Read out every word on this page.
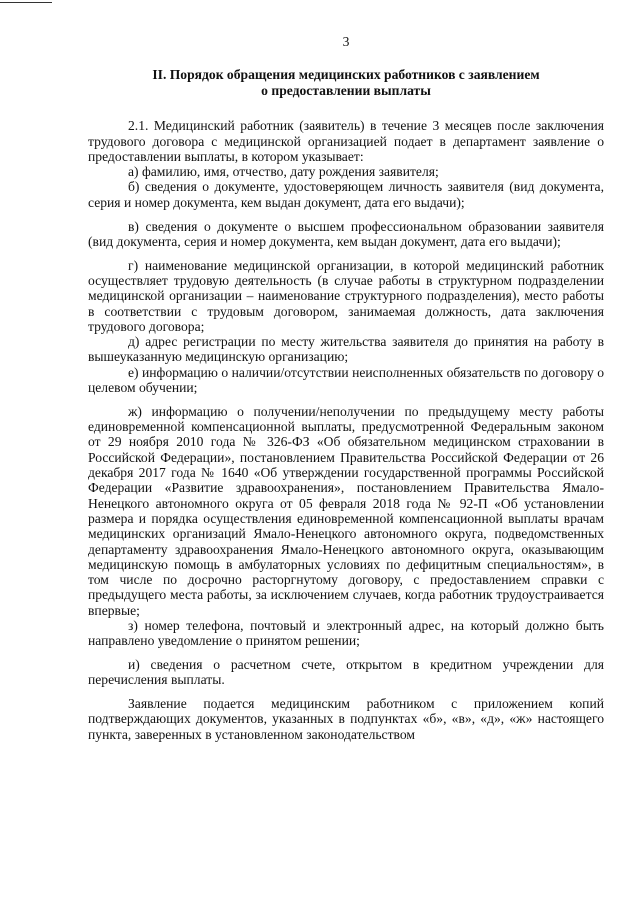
3
II. Порядок обращения медицинских работников с заявлением
о предоставлении выплаты

2.1. Медицинский работник (заявитель) в течение 3 месяцев после заключения трудового договора с медицинской организацией подает в департамент заявление о предоставлении выплаты, в котором указывает:

а) фамилию, имя, отчество, дату рождения заявителя;

б) сведения о документе, удостоверяющем личность заявителя (вид документа, серия и номер документа, кем выдан документ, дата его выдачи);

в) сведения о документе о высшем профессиональном образовании заявителя (вид документа, серия и номер документа, кем выдан документ, дата его выдачи);

г) наименование медицинской организации, в которой медицинский работник осуществляет трудовую деятельность (в случае работы в структурном подразделении медицинской организации – наименование структурного подразделения), место работы в соответствии с трудовым договором, занимаемая должность, дата заключения трудового договора;

д) адрес регистрации по месту жительства заявителя до принятия на работу в вышеуказанную медицинскую организацию;

е) информацию о наличии/отсутствии неисполненных обязательств по договору о целевом обучении;

ж) информацию о получении/неполучении по предыдущему месту работы единовременной компенсационной выплаты, предусмотренной Федеральным законом от 29 ноября 2010 года № 326-ФЗ «Об обязательном медицинском страховании в Российской Федерации», постановлением Правительства Российской Федерации от 26 декабря 2017 года № 1640 «Об утверждении государственной программы Российской Федерации «Развитие здравоохранения», постановлением Правительства Ямало-Ненецкого автономного округа от 05 февраля 2018 года № 92-П «Об установлении размера и порядка осуществления единовременной компенсационной выплаты врачам медицинских организаций Ямало-Ненецкого автономного округа, подведомственных департаменту здравоохранения Ямало-Ненецкого автономного округа, оказывающим медицинскую помощь в амбулаторных условиях по дефицитным специальностям», в том числе по досрочно расторгнутому договору, с предоставлением справки с предыдущего места работы, за исключением случаев, когда работник трудоустраивается впервые;

з) номер телефона, почтовый и электронный адрес, на который должно быть направлено уведомление о принятом решении;

и) сведения о расчетном счете, открытом в кредитном учреждении для перечисления выплаты.

Заявление подается медицинским работником с приложением копий подтверждающих документов, указанных в подпунктах «б», «в», «д», «ж» настоящего пункта, заверенных в установленном законодательством
